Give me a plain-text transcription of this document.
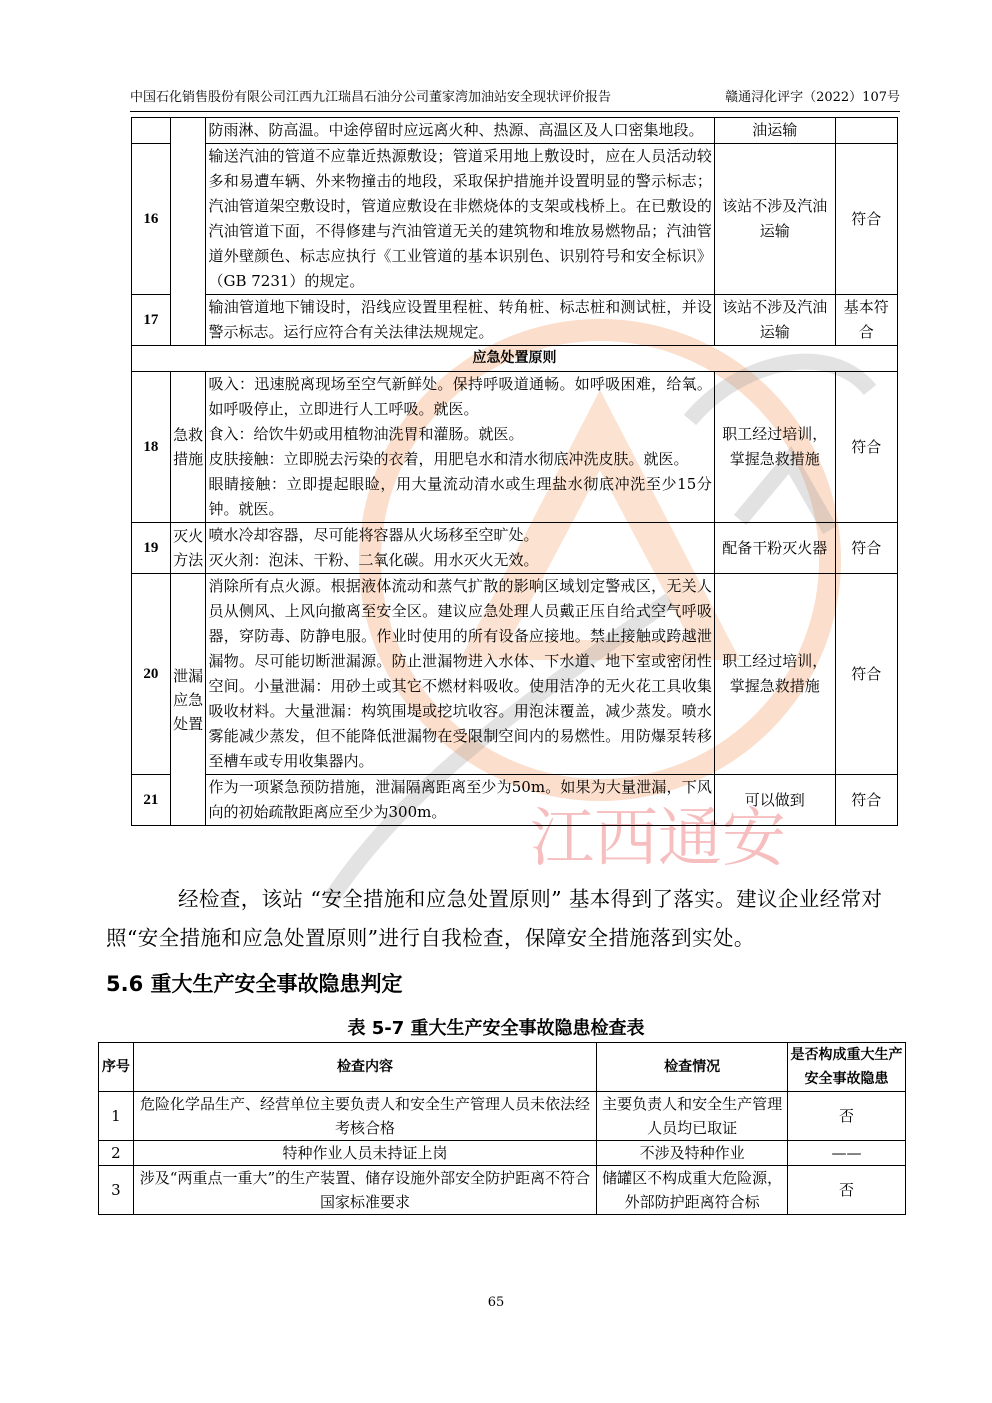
中国石化销售股份有限公司江西九江瑞昌石油分公司董家湾加油站安全现状评价报告	赣通浔化评字（2022）107号
江西通安
		防雨淋、防高温。中途停留时应远离火种、热源、高温区及人口密集地段。	油运输	
16		输送汽油的管道不应靠近热源敷设；管道采用地上敷设时，应在人员活动较多和易遭车辆、外来物撞击的地段，采取保护措施并设置明显的警示标志；汽油管道架空敷设时，管道应敷设在非燃烧体的支架或栈桥上。在已敷设的汽油管道下面，不得修建与汽油管道无关的建筑物和堆放易燃物品；汽油管道外壁颜色、标志应执行《工业管道的基本识别色、识别符号和安全标识》（GB 7231）的规定。	该站不涉及汽油运输	符合
17		输油管道地下铺设时，沿线应设置里程桩、转角桩、标志桩和测试桩，并设警示标志。运行应符合有关法律法规规定。	该站不涉及汽油运输	基本符合
应急处置原则				
18	急救措施	吸入：迅速脱离现场至空气新鲜处。保持呼吸道通畅。如呼吸困难，给氧。如呼吸停止，立即进行人工呼吸。就医。
食入：给饮牛奶或用植物油洗胃和灌肠。就医。
皮肤接触：立即脱去污染的衣着，用肥皂水和清水彻底冲洗皮肤。就医。
眼睛接触：立即提起眼睑，用大量流动清水或生理盐水彻底冲洗至少15分钟。就医。	职工经过培训，掌握急救措施	符合
19	灭火方法	喷水冷却容器，尽可能将容器从火场移至空旷处。
灭火剂：泡沫、干粉、二氧化碳。用水灭火无效。	配备干粉灭火器	符合
20	泄漏应急处置	消除所有点火源。根据液体流动和蒸气扩散的影响区域划定警戒区，无关人员从侧风、上风向撤离至安全区。建议应急处理人员戴正压自给式空气呼吸器，穿防毒、防静电服。作业时使用的所有设备应接地。禁止接触或跨越泄漏物。尽可能切断泄漏源。防止泄漏物进入水体、下水道、地下室或密闭性空间。小量泄漏：用砂土或其它不燃材料吸收。使用洁净的无火花工具收集吸收材料。大量泄漏：构筑围堤或挖坑收容。用泡沫覆盖，减少蒸发。喷水雾能减少蒸发，但不能降低泄漏物在受限制空间内的易燃性。用防爆泵转移至槽车或专用收集器内。	职工经过培训，掌握急救措施	符合
21		作为一项紧急预防措施，泄漏隔离距离至少为50m。如果为大量泄漏，下风向的初始疏散距离应至少为300m。	可以做到	符合
经检查，该站 “安全措施和应急处置原则” 基本得到了落实。建议企业经常对照“安全措施和应急处置原则”进行自我检查，保障安全措施落到实处。
5.6 重大生产安全事故隐患判定
表 5-7 重大生产安全事故隐患检查表
序号	检查内容	检查情况	是否构成重大生产安全事故隐患
1	危险化学品生产、经营单位主要负责人和安全生产管理人员未依法经考核合格	主要负责人和安全生产管理人员均已取证	否
2	特种作业人员未持证上岗	不涉及特种作业	——
3	涉及“两重点一重大”的生产装置、储存设施外部安全防护距离不符合国家标准要求	储罐区不构成重大危险源，外部防护距离符合标	否
65
